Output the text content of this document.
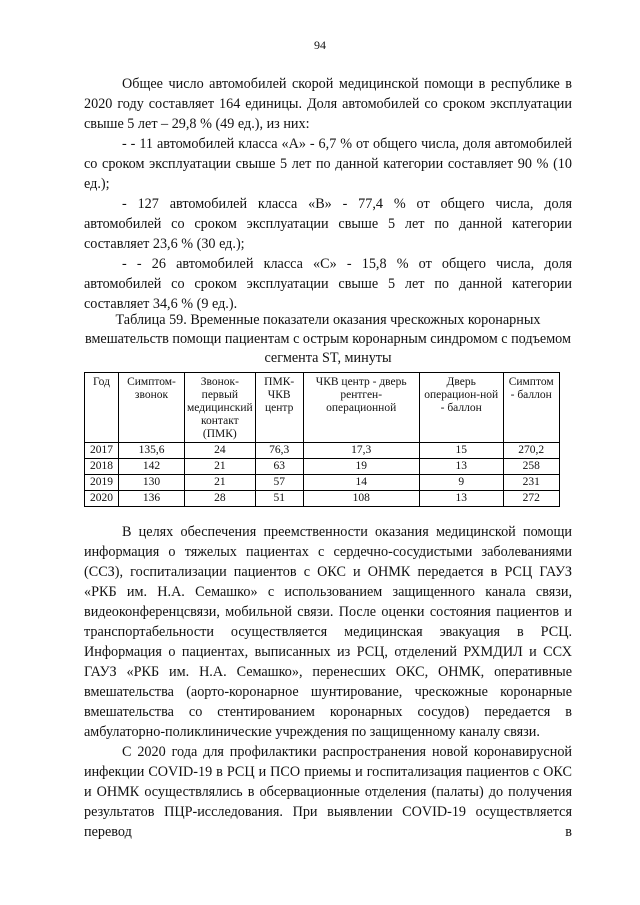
94

Общее число автомобилей скорой медицинской помощи в республике в 2020 году составляет 164 единицы. Доля автомобилей со сроком эксплуатации свыше 5 лет – 29,8 % (49 ед.), из них:

- - 11 автомобилей класса «А» - 6,7 % от общего числа, доля автомобилей со сроком эксплуатации свыше 5 лет по данной категории составляет 90 % (10 ед.);

- 127 автомобилей класса «В» - 77,4 % от общего числа, доля автомобилей со сроком эксплуатации свыше 5 лет по данной категории составляет 23,6 % (30 ед.);

- - 26 автомобилей класса «С» - 15,8 % от общего числа, доля автомобилей со сроком эксплуатации свыше 5 лет по данной категории составляет 34,6 % (9 ед.).

Таблица 59. Временные показатели оказания чрескожных коронарных вмешательств помощи пациентам с острым коронарным синдромом с подъемом сегмента ST, минуты
Год	Симптом-звонок	Звонок-первый медицинский контакт (ПМК)	ПМК-ЧКВ центр	ЧКВ центр - дверь рентген-операционной	Дверь операцион-ной - баллон	Симптом - баллон
2017	135,6	24	76,3	17,3	15	270,2
2018	142	21	63	19	13	258
2019	130	21	57	14	9	231
2020	136	28	51	108	13	272

В целях обеспечения преемственности оказания медицинской помощи информация о тяжелых пациентах с сердечно-сосудистыми заболеваниями (ССЗ), госпитализации пациентов с ОКС и ОНМК передается в РСЦ ГАУЗ «РКБ им. Н.А. Семашко» с использованием защищенного канала связи, видеоконференцсвязи, мобильной связи. После оценки состояния пациентов и транспортабельности осуществляется медицинская эвакуация в РСЦ. Информация о пациентах, выписанных из РСЦ, отделений РХМДИЛ и ССХ ГАУЗ «РКБ им. Н.А. Семашко», перенесших ОКС, ОНМК, оперативные вмешательства (аорто-коронарное шунтирование, чрескожные коронарные вмешательства со стентированием коронарных сосудов) передается в амбулаторно-поликлинические учреждения по защищенному каналу связи.

С 2020 года для профилактики распространения новой коронавирусной инфекции COVID-19 в РСЦ и ПСО приемы и госпитализация пациентов с ОКС и ОНМК осуществлялись в обсервационные отделения (палаты) до получения результатов ПЦР-исследования. При выявлении COVID-19 осуществляется перевод в
